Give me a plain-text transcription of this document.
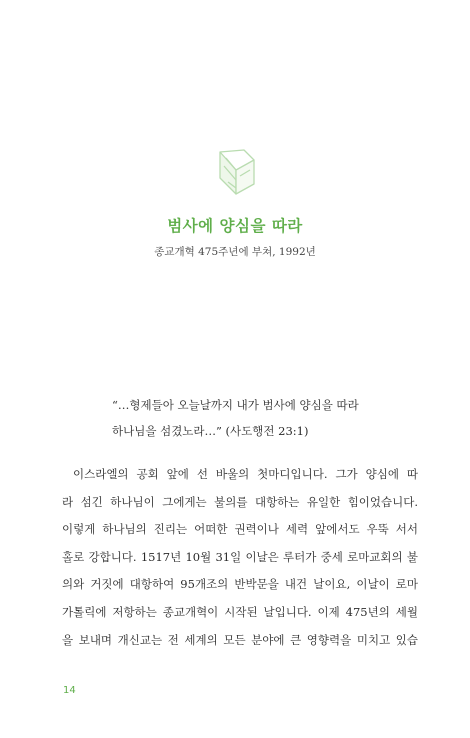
범사에 양심을 따라
종교개혁 475주년에 부쳐, 1992년

“…형제들아 오늘날까지 내가 범사에 양심을 따라

하나님을 섬겼노라…” (사도행전 23:1)

이스라엘의 공회 앞에 선 바울의 첫마디입니다. 그가 양심에 따

라 섬긴 하나님이 그에게는 불의를 대항하는 유일한 힘이었습니다.

이렇게 하나님의 진리는 어떠한 권력이나 세력 앞에서도 우뚝 서서

홀로 강합니다. 1517년 10월 31일 이날은 루터가 중세 로마교회의 불

의와 거짓에 대항하여 95개조의 반박문을 내건 날이요, 이날이 로마

가톨릭에 저항하는 종교개혁이 시작된 날입니다. 이제 475년의 세월

을 보내며 개신교는 전 세계의 모든 분야에 큰 영향력을 미치고 있습

14
